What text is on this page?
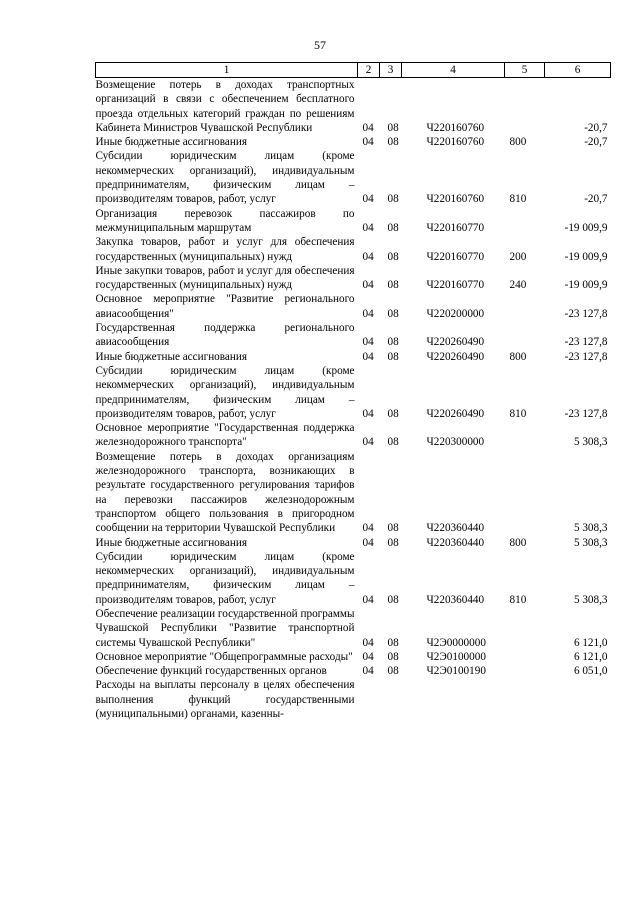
57
1	2	3	4	5	6
Возмещение потерь в доходах транспортных организаций в связи с обеспечением бесплатного проезда отдельных категорий граждан по решениям Кабинета Министров Чувашской Республики	04	08	Ч220160760		-20,7
Иные бюджетные ассигнования	04	08	Ч220160760	800	-20,7
Субсидии юридическим лицам (кроме некоммерческих организаций), индивидуальным предпринимателям, физическим лицам – производителям товаров, работ, услуг	04	08	Ч220160760	810	-20,7
Организация перевозок пассажиров по межмуниципальным маршрутам	04	08	Ч220160770		-19 009,9
Закупка товаров, работ и услуг для обеспечения государственных (муниципальных) нужд	04	08	Ч220160770	200	-19 009,9
Иные закупки товаров, работ и услуг для обеспечения государственных (муниципальных) нужд	04	08	Ч220160770	240	-19 009,9
Основное мероприятие "Развитие регионального авиасообщения"	04	08	Ч220200000		-23 127,8
Государственная поддержка регионального авиасообщения	04	08	Ч220260490		-23 127,8
Иные бюджетные ассигнования	04	08	Ч220260490	800	-23 127,8
Субсидии юридическим лицам (кроме некоммерческих организаций), индивидуальным предпринимателям, физическим лицам – производителям товаров, работ, услуг	04	08	Ч220260490	810	-23 127,8
Основное мероприятие "Государственная поддержка железнодорожного транспорта"	04	08	Ч220300000		5 308,3
Возмещение потерь в доходах организациям железнодорожного транспорта, возникающих в результате государственного регулирования тарифов на перевозки пассажиров железнодорожным транспортом общего пользования в пригородном сообщении на территории Чувашской Республики	04	08	Ч220360440		5 308,3
Иные бюджетные ассигнования	04	08	Ч220360440	800	5 308,3
Субсидии юридическим лицам (кроме некоммерческих организаций), индивидуальным предпринимателям, физическим лицам – производителям товаров, работ, услуг	04	08	Ч220360440	810	5 308,3
Обеспечение реализации государственной программы Чувашской Республики "Развитие транспортной системы Чувашской Республики"	04	08	Ч2Э0000000		6 121,0
Основное мероприятие "Общепрограммные расходы"	04	08	Ч2Э0100000		6 121,0
Обеспечение функций государственных органов	04	08	Ч2Э0100190		6 051,0
Расходы на выплаты персоналу в целях обеспечения выполнения функций государственными (муниципальными) органами, казенны-					
